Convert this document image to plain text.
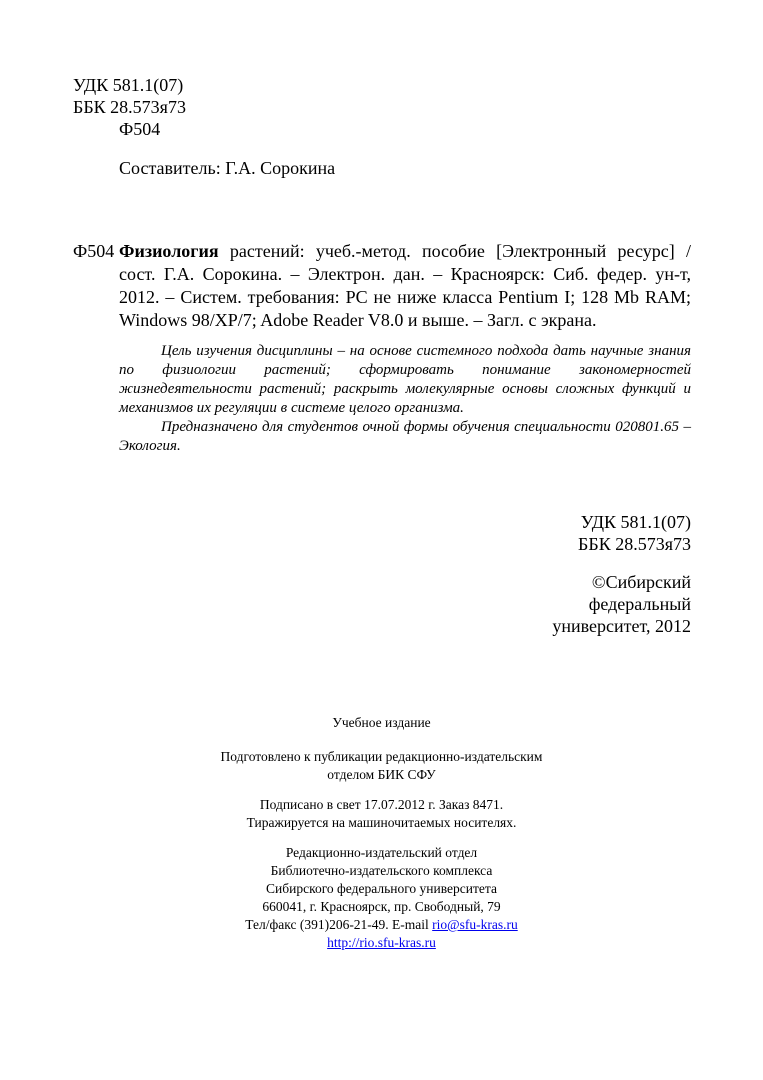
УДК 581.1(07)
ББК 28.573я73
Ф504
Составитель: Г.А. Сорокина
Ф504 Физиология растений: учеб.-метод. пособие [Электронный ресурс] / сост. Г.А. Сорокина. – Электрон. дан. – Красноярск: Сиб. федер. ун-т, 2012. – Систем. требования: PC не ниже класса Pentium I; 128 Mb RAM; Windows 98/XP/7; Adobe Reader V8.0 и выше. – Загл. с экрана.

Цель изучения дисциплины – на основе системного подхода дать научные знания по физиологии растений; сформировать понимание закономерностей жизнедеятельности растений; раскрыть молекулярные основы сложных функций и механизмов их регуляции в системе целого организма.

Предназначено для студентов очной формы обучения специальности 020801.65 – Экология.

УДК 581.1(07)
ББК 28.573я73
©Сибирский
федеральный
университет, 2012
Учебное издание
Подготовлено к публикации редакционно-издательским
отделом БИК СФУ
Подписано в свет 17.07.2012 г. Заказ 8471.
Тиражируется на машиночитаемых носителях.
Редакционно-издательский отдел
Библиотечно-издательского комплекса
Сибирского федерального университета
660041, г. Красноярск, пр. Свободный, 79
Тел/факс (391)206-21-49. E-mail rio@sfu-kras.ru
http://rio.sfu-kras.ru
